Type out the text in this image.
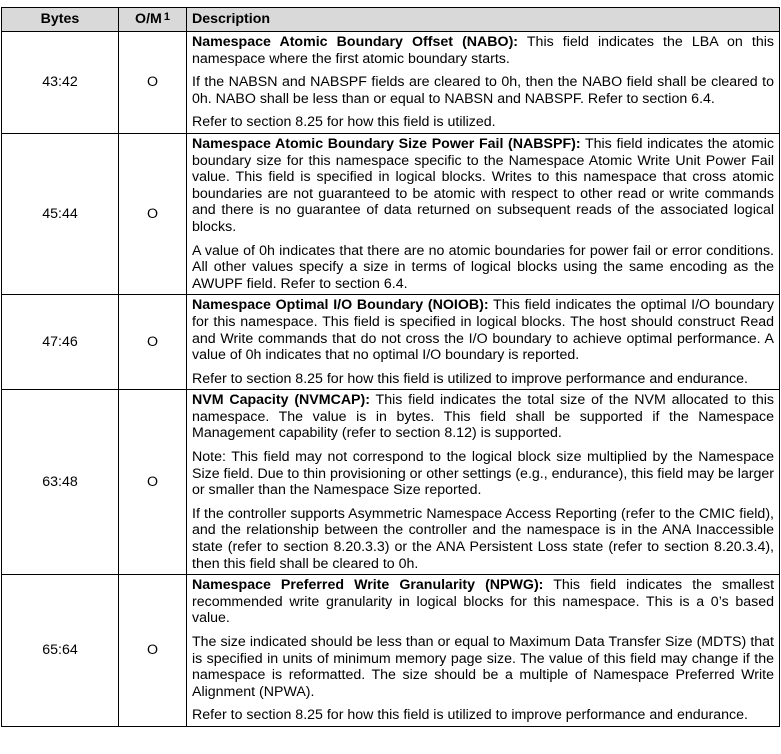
Bytes	O/M $^1$	Description
43:42	O	Namespace Atomic Boundary Offset (NABO): This field indicates the LBA on this namespace where the first atomic boundary starts.

If the NABSN and NABSPF fields are cleared to 0h, then the NABO field shall be cleared to 0h. NABO shall be less than or equal to NABSN and NABSPF. Refer to section 6.4.

Refer to section 8.25 for how this field is utilized.

45:44	O	Namespace Atomic Boundary Size Power Fail (NABSPF): This field indicates the atomic boundary size for this namespace specific to the Namespace Atomic Write Unit Power Fail value. This field is specified in logical blocks. Writes to this namespace that cross atomic boundaries are not guaranteed to be atomic with respect to other read or write commands and there is no guarantee of data returned on subsequent reads of the associated logical blocks.

A value of 0h indicates that there are no atomic boundaries for power fail or error conditions. All other values specify a size in terms of logical blocks using the same encoding as the AWUPF field. Refer to section 6.4.

47:46	O	Namespace Optimal I/O Boundary (NOIOB): This field indicates the optimal I/O boundary for this namespace. This field is specified in logical blocks. The host should construct Read and Write commands that do not cross the I/O boundary to achieve optimal performance. A value of 0h indicates that no optimal I/O boundary is reported.

Refer to section 8.25 for how this field is utilized to improve performance and endurance.

63:48	O	NVM Capacity (NVMCAP): This field indicates the total size of the NVM allocated to this namespace. The value is in bytes. This field shall be supported if the Namespace Management capability (refer to section 8.12) is supported.

Note: This field may not correspond to the logical block size multiplied by the Namespace Size field. Due to thin provisioning or other settings (e.g., endurance), this field may be larger or smaller than the Namespace Size reported.

If the controller supports Asymmetric Namespace Access Reporting (refer to the CMIC field), and the relationship between the controller and the namespace is in the ANA Inaccessible state (refer to section 8.20.3.3) or the ANA Persistent Loss state (refer to section 8.20.3.4), then this field shall be cleared to 0h.

65:64	O	Namespace Preferred Write Granularity (NPWG): This field indicates the smallest recommended write granularity in logical blocks for this namespace. This is a 0’s based value.

The size indicated should be less than or equal to Maximum Data Transfer Size (MDTS) that is specified in units of minimum memory page size. The value of this field may change if the namespace is reformatted. The size should be a multiple of Namespace Preferred Write Alignment (NPWA).

Refer to section 8.25 for how this field is utilized to improve performance and endurance.
